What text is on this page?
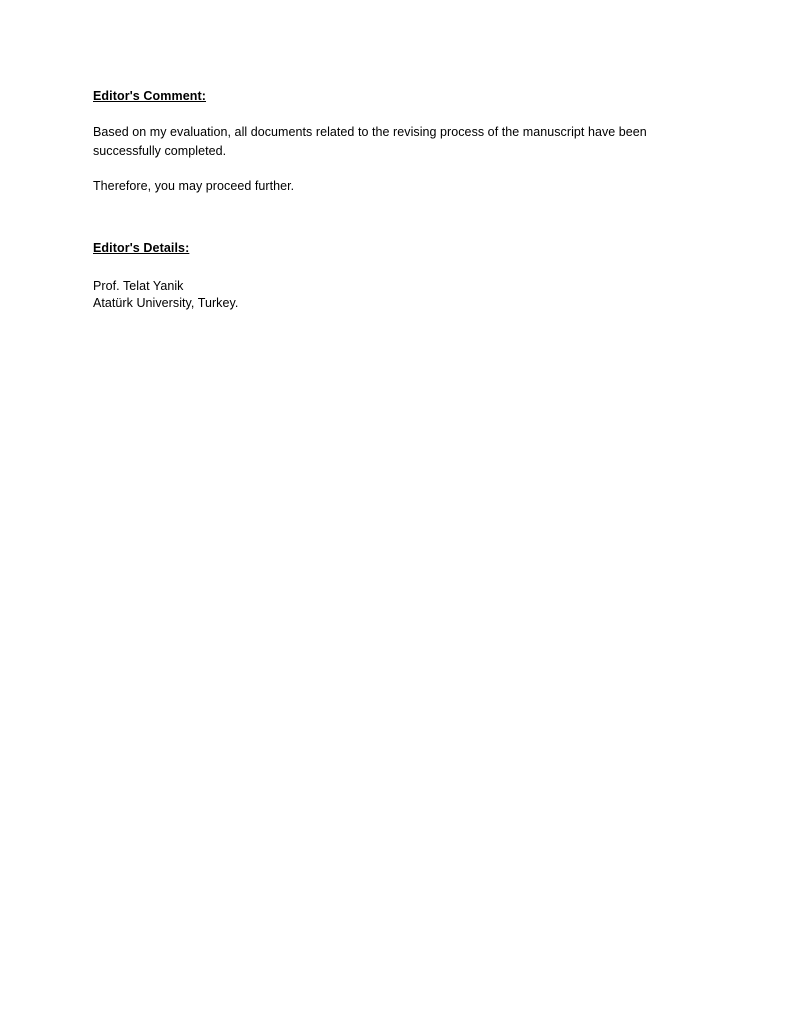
Editor's Comment:

Based on my evaluation, all documents related to the revising process of the manuscript have been successfully completed.

Therefore, you may proceed further.

Editor's Details:

Prof. Telat Yanik

Atatürk University, Turkey.
